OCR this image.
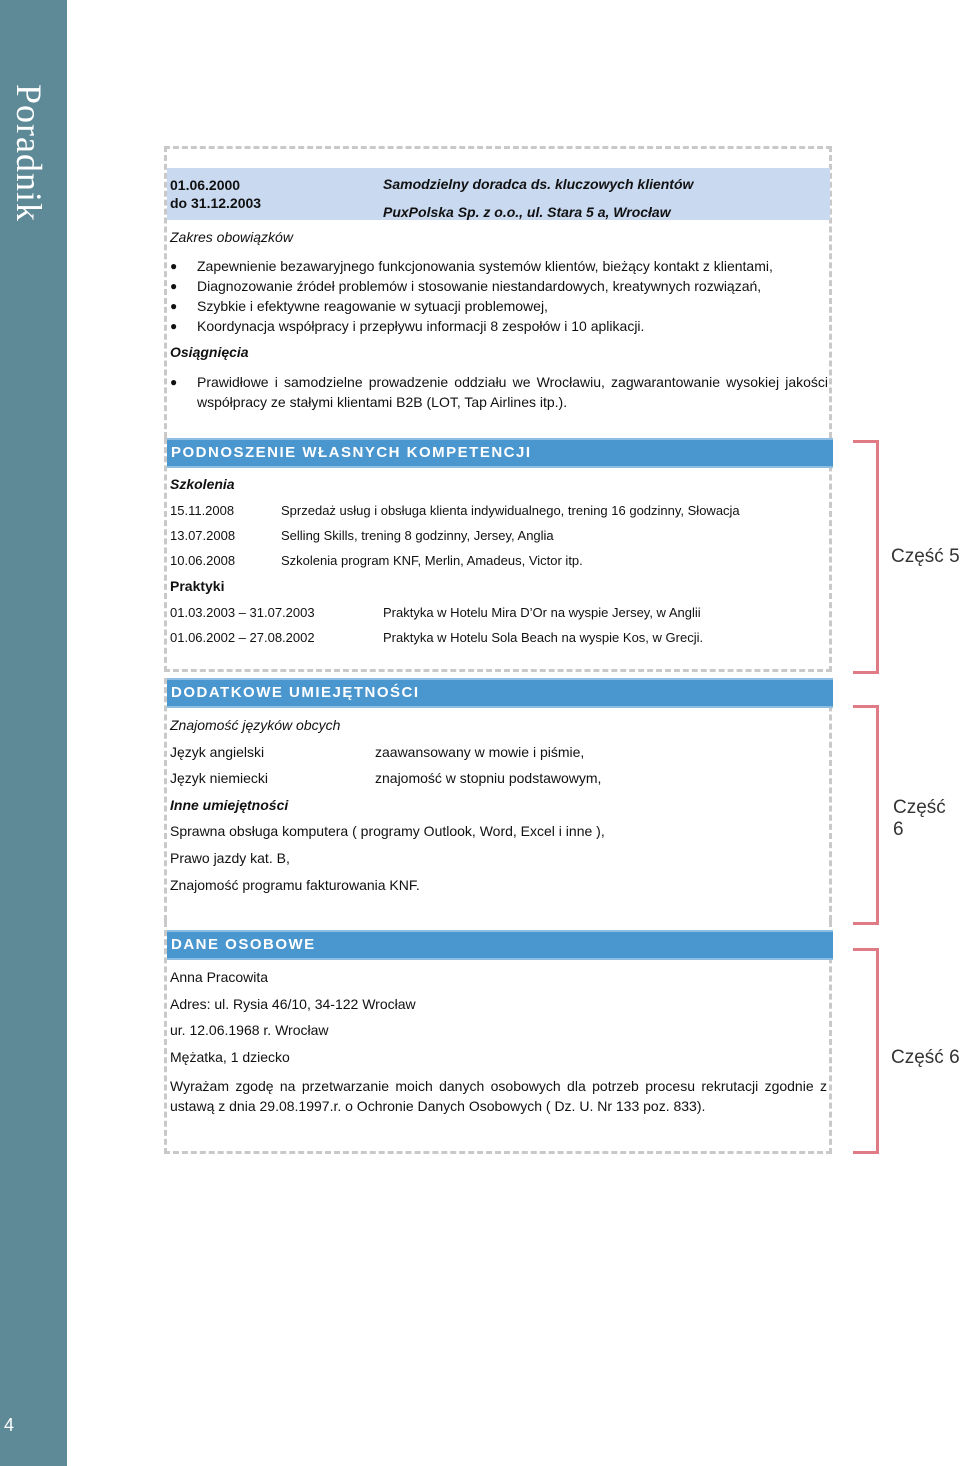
Poradnik
4
01.06.2000
do 31.12.2003
Samodzielny doradca ds. kluczowych klientów
PuxPolska Sp. z o.o., ul. Stara 5 a, Wrocław
Zakres obowiązków
● Zapewnienie bezawaryjnego funkcjonowania systemów klientów, bieżący kontakt z klientami,
● Diagnozowanie źródeł problemów i stosowanie niestandardowych, kreatywnych rozwiązań,
● Szybkie i efektywne reagowanie w sytuacji problemowej,
● Koordynacja współpracy i przepływu informacji 8 zespołów i 10 aplikacji.
Osiągnięcia
● Prawidłowe i samodzielne prowadzenie oddziału we Wrocławiu, zagwarantowanie wysokiej jakości współpracy ze stałymi klientami B2B (LOT, Tap Airlines itp.).
PODNOSZENIE WŁASNYCH KOMPETENCJI
Szkolenia
15.11.2008	Sprzedaż usług i obsługa klienta indywidualnego, trening 16 godzinny, Słowacja
13.07.2008	Selling Skills, trening 8 godzinny, Jersey, Anglia
10.06.2008	Szkolenia program KNF, Merlin, Amadeus, Victor itp.
Praktyki
01.03.2003 – 31.07.2003	Praktyka w Hotelu Mira D’Or na wyspie Jersey, w Anglii
01.06.2002 – 27.08.2002	Praktyka w Hotelu Sola Beach na wyspie Kos, w Grecji.
Część 5
DODATKOWE UMIEJĘTNOŚCI
Znajomość języków obcych
Język angielski	zaawansowany w mowie i piśmie,
Język niemiecki	znajomość w stopniu podstawowym,
Inne umiejętności
Sprawna obsługa komputera ( programy Outlook, Word, Excel i inne ),
Prawo jazdy kat. B,
Znajomość programu fakturowania KNF.
Część 6
DANE OSOBOWE
Anna Pracowita
Adres: ul. Rysia 46/10, 34-122 Wrocław
ur. 12.06.1968 r. Wrocław
Mężatka, 1 dziecko
Wyrażam zgodę na przetwarzanie moich danych osobowych dla potrzeb procesu rekrutacji zgodnie z ustawą z dnia 29.08.1997.r. o Ochronie Danych Osobowych ( Dz. U. Nr 133 poz. 833).
Część 6
